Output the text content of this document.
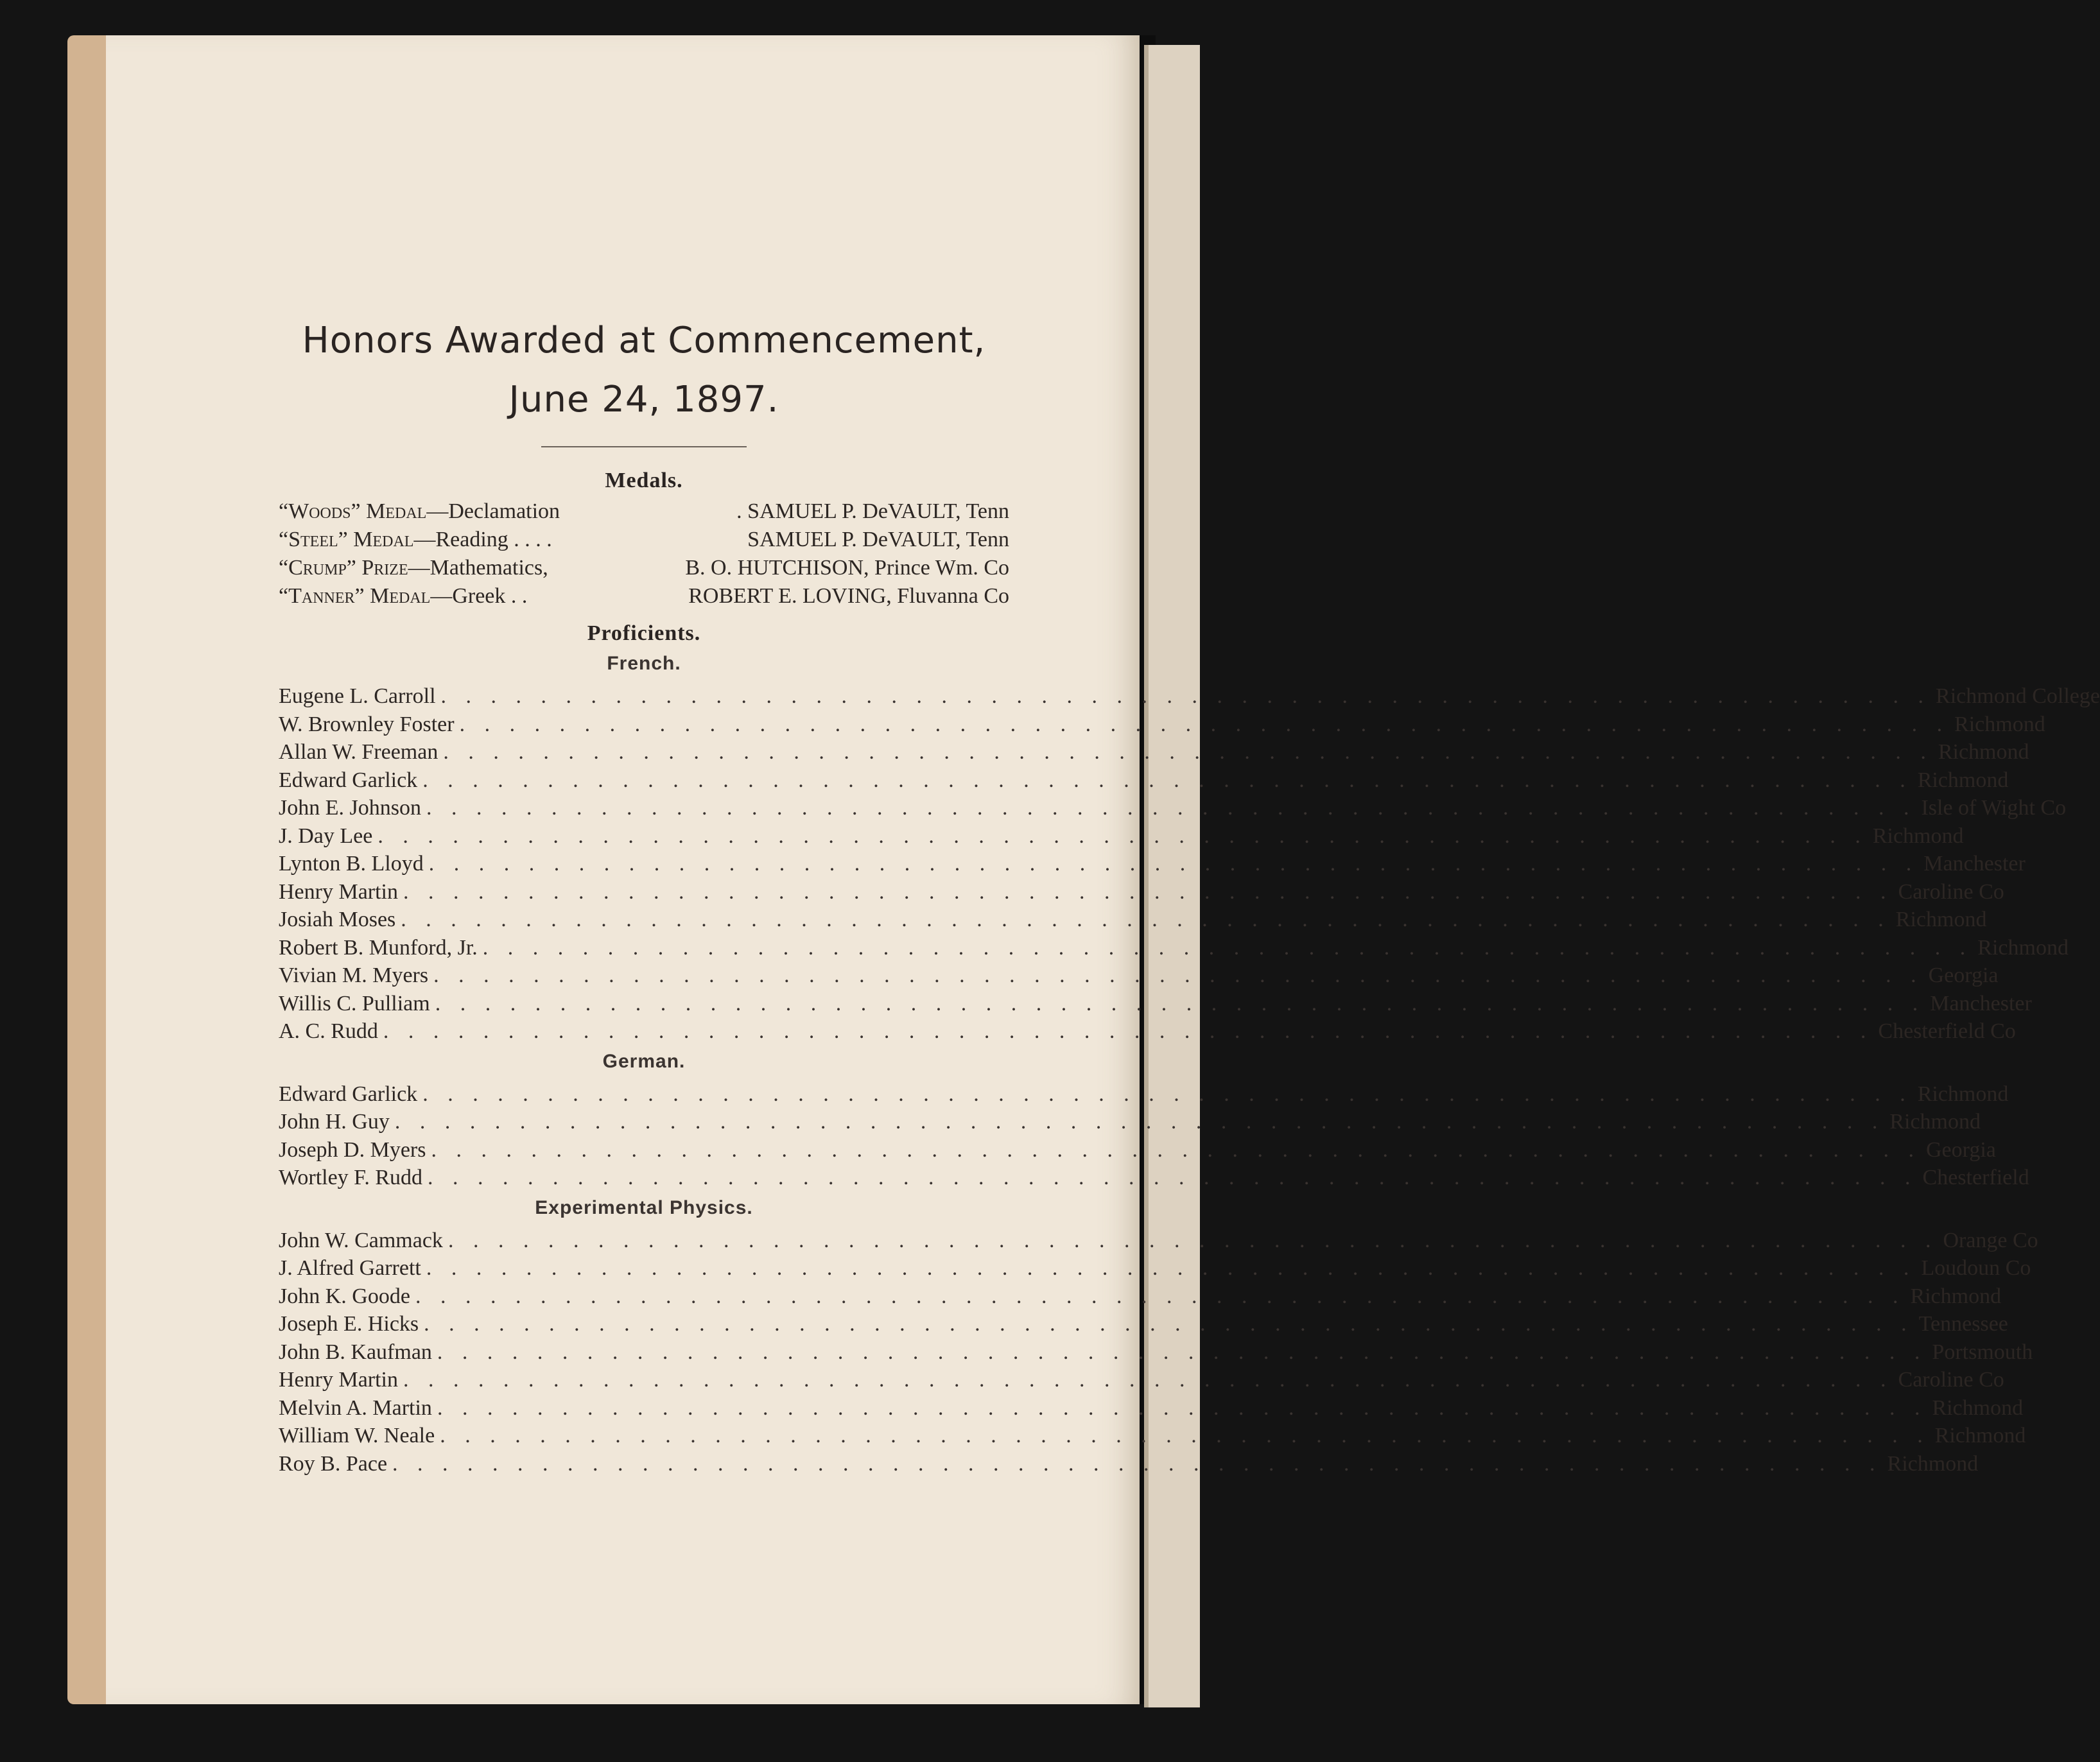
Honors Awarded at Commencement,
June 24, 1897.
Medals.
“Woods” Medal—Declamation	. SAMUEL P. DeVAULT, Tenn
“Steel” Medal—Reading . . . .	SAMUEL P. DeVAULT, Tenn
“Crump” Prize—Mathematics,	B. O. HUTCHISON, Prince Wm. Co
“Tanner” Medal—Greek . .	ROBERT E. LOVING, Fluvanna Co
Proficients.
French.
Eugene L. Carroll . . . . . . . . . . . . . . . . . . . . . . . . . . . . . . . . . . . . . . . . . . . . . . . . . . . . . . . . . . . . Richmond College
W. Brownley Foster . . . . . . . . . . . . . . . . . . . . . . . . . . . . . . . . . . . . . . . . . . . . . . . . . . . . . . . . . . . . Richmond
Allan W. Freeman . . . . . . . . . . . . . . . . . . . . . . . . . . . . . . . . . . . . . . . . . . . . . . . . . . . . . . . . . . . . Richmond
Edward Garlick . . . . . . . . . . . . . . . . . . . . . . . . . . . . . . . . . . . . . . . . . . . . . . . . . . . . . . . . . . . . Richmond
John E. Johnson . . . . . . . . . . . . . . . . . . . . . . . . . . . . . . . . . . . . . . . . . . . . . . . . . . . . . . . . . . . . Isle of Wight Co
J. Day Lee . . . . . . . . . . . . . . . . . . . . . . . . . . . . . . . . . . . . . . . . . . . . . . . . . . . . . . . . . . . . Richmond
Lynton B. Lloyd . . . . . . . . . . . . . . . . . . . . . . . . . . . . . . . . . . . . . . . . . . . . . . . . . . . . . . . . . . . . Manchester
Henry Martin . . . . . . . . . . . . . . . . . . . . . . . . . . . . . . . . . . . . . . . . . . . . . . . . . . . . . . . . . . . . Caroline Co
Josiah Moses . . . . . . . . . . . . . . . . . . . . . . . . . . . . . . . . . . . . . . . . . . . . . . . . . . . . . . . . . . . . Richmond
Robert B. Munford, Jr. . . . . . . . . . . . . . . . . . . . . . . . . . . . . . . . . . . . . . . . . . . . . . . . . . . . . . . . . . . . . Richmond
Vivian M. Myers . . . . . . . . . . . . . . . . . . . . . . . . . . . . . . . . . . . . . . . . . . . . . . . . . . . . . . . . . . . . Georgia
Willis C. Pulliam . . . . . . . . . . . . . . . . . . . . . . . . . . . . . . . . . . . . . . . . . . . . . . . . . . . . . . . . . . . . Manchester
A. C. Rudd . . . . . . . . . . . . . . . . . . . . . . . . . . . . . . . . . . . . . . . . . . . . . . . . . . . . . . . . . . . . Chesterfield Co
German.
Edward Garlick . . . . . . . . . . . . . . . . . . . . . . . . . . . . . . . . . . . . . . . . . . . . . . . . . . . . . . . . . . . . Richmond
John H. Guy . . . . . . . . . . . . . . . . . . . . . . . . . . . . . . . . . . . . . . . . . . . . . . . . . . . . . . . . . . . . Richmond
Joseph D. Myers . . . . . . . . . . . . . . . . . . . . . . . . . . . . . . . . . . . . . . . . . . . . . . . . . . . . . . . . . . . . Georgia
Wortley F. Rudd . . . . . . . . . . . . . . . . . . . . . . . . . . . . . . . . . . . . . . . . . . . . . . . . . . . . . . . . . . . . Chesterfield
Experimental Physics.
John W. Cammack . . . . . . . . . . . . . . . . . . . . . . . . . . . . . . . . . . . . . . . . . . . . . . . . . . . . . . . . . . . . Orange Co
J. Alfred Garrett . . . . . . . . . . . . . . . . . . . . . . . . . . . . . . . . . . . . . . . . . . . . . . . . . . . . . . . . . . . . Loudoun Co
John K. Goode . . . . . . . . . . . . . . . . . . . . . . . . . . . . . . . . . . . . . . . . . . . . . . . . . . . . . . . . . . . . Richmond
Joseph E. Hicks . . . . . . . . . . . . . . . . . . . . . . . . . . . . . . . . . . . . . . . . . . . . . . . . . . . . . . . . . . . . Tennessee
John B. Kaufman . . . . . . . . . . . . . . . . . . . . . . . . . . . . . . . . . . . . . . . . . . . . . . . . . . . . . . . . . . . . Portsmouth
Henry Martin . . . . . . . . . . . . . . . . . . . . . . . . . . . . . . . . . . . . . . . . . . . . . . . . . . . . . . . . . . . . Caroline Co
Melvin A. Martin . . . . . . . . . . . . . . . . . . . . . . . . . . . . . . . . . . . . . . . . . . . . . . . . . . . . . . . . . . . . Richmond
William W. Neale . . . . . . . . . . . . . . . . . . . . . . . . . . . . . . . . . . . . . . . . . . . . . . . . . . . . . . . . . . . . Richmond
Roy B. Pace . . . . . . . . . . . . . . . . . . . . . . . . . . . . . . . . . . . . . . . . . . . . . . . . . . . . . . . . . . . . Richmond
